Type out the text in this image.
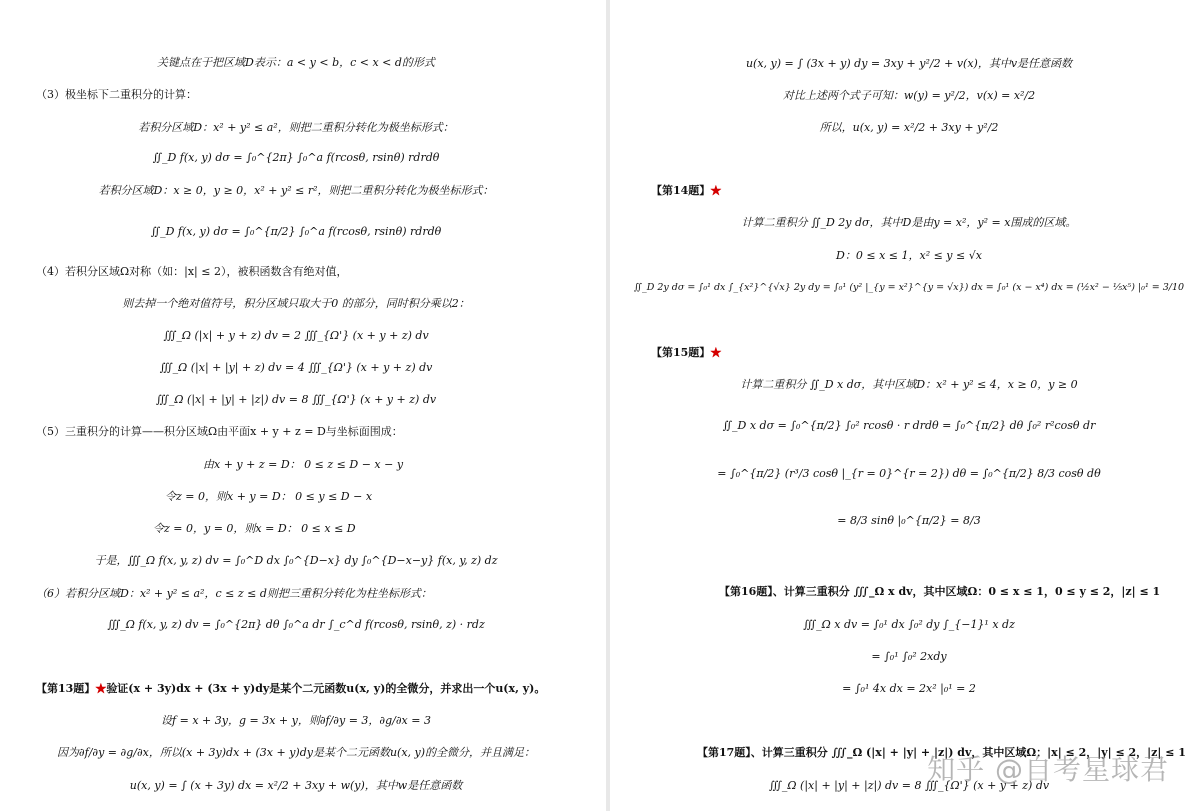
关键点在于把区域D表示：a < y < b，c < x < d的形式
（3）极坐标下二重积分的计算：
若积分区域D：x² + y² ≤ a²，则把二重积分转化为极坐标形式：
∬_D f(x, y) dσ = ∫₀^{2π} ∫₀^a f(rcosθ, rsinθ) rdrdθ
若积分区域D：x ≥ 0，y ≥ 0，x² + y² ≤ r²，则把二重积分转化为极坐标形式：
∬_D f(x, y) dσ = ∫₀^{π/2} ∫₀^a f(rcosθ, rsinθ) rdrdθ
（4）若积分区域Ω对称（如：|x| ≤ 2），被积函数含有绝对值，
则去掉一个绝对值符号，积分区域只取大于0 的部分，同时积分乘以2：
∭_Ω (|x| + y + z) dv = 2 ∭_{Ω'} (x + y + z) dv
∭_Ω (|x| + |y| + z) dv = 4 ∭_{Ω'} (x + y + z) dv
∭_Ω (|x| + |y| + |z|) dv = 8 ∭_{Ω'} (x + y + z) dv
（5）三重积分的计算——积分区域Ω由平面x + y + z = D与坐标面围成：
由x + y + z = D： 0 ≤ z ≤ D − x − y
令z = 0，则x + y = D： 0 ≤ y ≤ D − x
令z = 0，y = 0，则x = D： 0 ≤ x ≤ D
于是，∭_Ω f(x, y, z) dv = ∫₀^D dx ∫₀^{D−x} dy ∫₀^{D−x−y} f(x, y, z) dz
（6）若积分区域D：x² + y² ≤ a²，c ≤ z ≤ d则把三重积分转化为柱坐标形式：
∭_Ω f(x, y, z) dv = ∫₀^{2π} dθ ∫₀^a dr ∫_c^d f(rcosθ, rsinθ, z) · rdz
【第13题】★验证(x + 3y)dx + (3x + y)dy是某个二元函数u(x, y)的全微分，并求出一个u(x, y)。
设f = x + 3y，g = 3x + y，则∂f/∂y = 3，∂g/∂x = 3
因为∂f/∂y = ∂g/∂x，所以(x + 3y)dx + (3x + y)dy是某个二元函数u(x, y)的全微分，并且满足：
u(x, y) = ∫ (x + 3y) dx = x²/2 + 3xy + w(y)，其中w是任意函数
u(x, y) = ∫ (3x + y) dy = 3xy + y²/2 + v(x)，其中v是任意函数
对比上述两个式子可知：w(y) = y²/2，v(x) = x²/2
所以，u(x, y) = x²/2 + 3xy + y²/2
【第14题】★
计算二重积分 ∬_D 2y dσ，其中D是由y = x²，y² = x围成的区域。
D：0 ≤ x ≤ 1，x² ≤ y ≤ √x
∬_D 2y dσ = ∫₀¹ dx ∫_{x²}^{√x} 2y dy = ∫₀¹ (y² |_{y = x²}^{y = √x}) dx = ∫₀¹ (x − x⁴) dx = (½x² − ⅕x⁵) |₀¹ = 3/10
【第15题】★
计算二重积分 ∬_D x dσ，其中区域D：x² + y² ≤ 4，x ≥ 0，y ≥ 0
∬_D x dσ = ∫₀^{π/2} ∫₀² rcosθ · r drdθ = ∫₀^{π/2} dθ ∫₀² r²cosθ dr
= ∫₀^{π/2} (r³/3 cosθ |_{r = 0}^{r = 2}) dθ = ∫₀^{π/2} 8/3 cosθ dθ
= 8/3 sinθ |₀^{π/2} = 8/3
【第16题】、计算三重积分 ∭_Ω x dv，其中区域Ω：0 ≤ x ≤ 1，0 ≤ y ≤ 2，|z| ≤ 1
∭_Ω x dv = ∫₀¹ dx ∫₀² dy ∫_{−1}¹ x dz
= ∫₀¹ ∫₀² 2xdy
= ∫₀¹ 4x dx = 2x² |₀¹ = 2
【第17题】、计算三重积分 ∭_Ω (|x| + |y| + |z|) dv，其中区域Ω：|x| ≤ 2，|y| ≤ 2，|z| ≤ 1
∭_Ω (|x| + |y| + |z|) dv = 8 ∭_{Ω'} (x + y + z) dv
知乎 @自考星球君
